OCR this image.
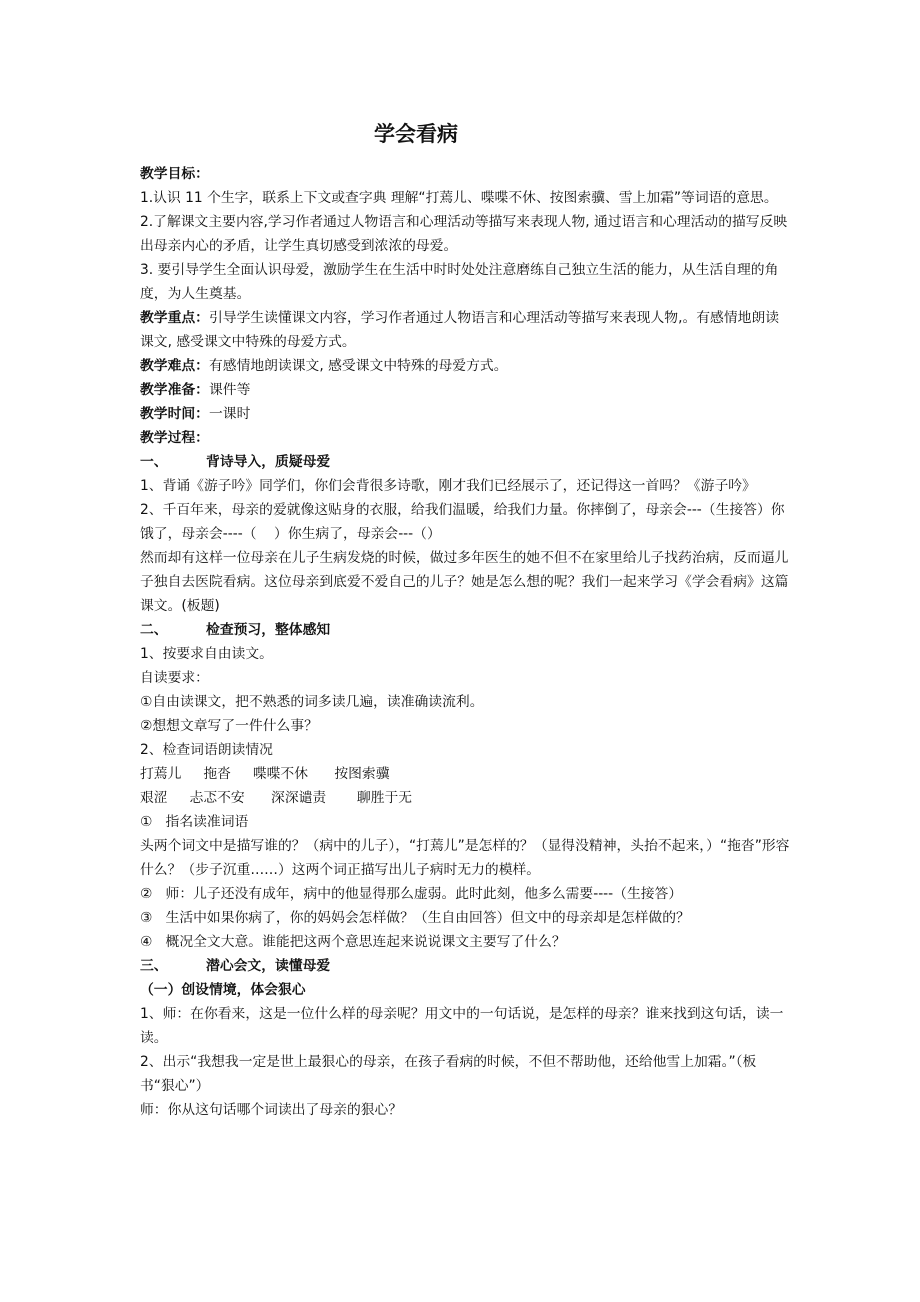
学会看病

教学目标：

1.认识 11 个生字，联系上下文或查字典 理解“打蔫儿、喋喋不休、按图索骥、雪上加霜”等词语的意思。

2.了解课文主要内容,学习作者通过人物语言和心理活动等描写来表现人物, 通过语言和心理活动的描写反映出母亲内心的矛盾，让学生真切感受到浓浓的母爱。

3. 要引导学生全面认识母爱，激励学生在生活中时时处处注意磨练自己独立生活的能力，从生活自理的角度，为人生奠基。

教学重点：引导学生读懂课文内容，学习作者通过人物语言和心理活动等描写来表现人物,。有感情地朗读课文, 感受课文中特殊的母爱方式。

教学难点：有感情地朗读课文, 感受课文中特殊的母爱方式。

教学准备：课件等

教学时间：一课时

教学过程：

一、        背诗导入，质疑母爱

1、背诵《游子吟》同学们，你们会背很多诗歌，刚才我们已经展示了，还记得这一首吗？《游子吟》

2、千百年来，母亲的爱就像这贴身的衣服，给我们温暖，给我们力量。你摔倒了，母亲会---（生接答）你饿了，母亲会----（    ）你生病了，母亲会---（）

然而却有这样一位母亲在儿子生病发烧的时候，做过多年医生的她不但不在家里给儿子找药治病，反而逼儿子独自去医院看病。这位母亲到底爱不爱自己的儿子？她是怎么想的呢？我们一起来学习《学会看病》这篇课文。(板题)

二、        检查预习，整体感知

1、按要求自由读文。

自读要求：

①自由读课文，把不熟悉的词多读几遍，读准确读流利。

②想想文章写了一件什么事？

2、检查词语朗读情况

打蔫儿     拖沓     喋喋不休      按图索骥

艰涩     忐忑不安      深深谴责       聊胜于无

①   指名读准词语

头两个词文中是描写谁的？（病中的儿子），“打蔫儿”是怎样的？（显得没精神，头抬不起来，）“拖沓”形容什么？（步子沉重……）这两个词正描写出儿子病时无力的模样。

②   师：儿子还没有成年，病中的他显得那么虚弱。此时此刻，他多么需要----（生接答）

③   生活中如果你病了，你的妈妈会怎样做？（生自由回答）但文中的母亲却是怎样做的？

④   概况全文大意。谁能把这两个意思连起来说说课文主要写了什么？

三、        潜心会文，读懂母爱

（一）创设情境，体会狠心

1、师：在你看来，这是一位什么样的母亲呢？用文中的一句话说，是怎样的母亲？谁来找到这句话，读一读。

2、出示“我想我一定是世上最狠心的母亲，在孩子看病的时候，不但不帮助他，还给他雪上加霜。”（板书“狠心”）

师：你从这句话哪个词读出了母亲的狠心？
